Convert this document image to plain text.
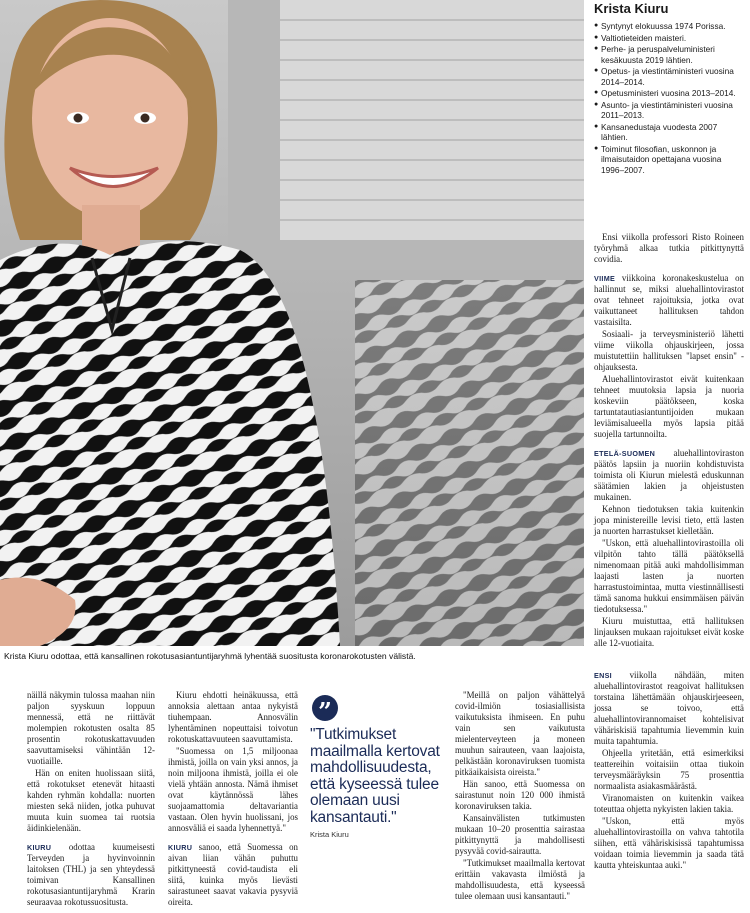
Krista Kiuru odottaa, että kansallinen rokotusasiantuntijaryhmä lyhentää suositusta koronarokotusten välistä.
Krista Kiuru
● Syntynyt elokuussa 1974 Porissa.
● Valtiotieteiden maisteri.
● Perhe- ja peruspalveluministeri kesäkuusta 2019 lähtien.
● Opetus- ja viestintäministeri vuosina 2014–2014.
● Opetusministeri vuosina 2013–2014.
● Asunto- ja viestintäministeri vuosina 2011–2013.
● Kansanedustaja vuodesta 2007 lähtien.
● Toiminut filosofian, uskonnon ja ilmaisutaidon opettajana vuosina 1996–2007.

Ensi viikolla professori Risto Roineen työryhmä alkaa tutkia pitkittynyttä covidia.

VIIME viikkoina koronakeskustelua on hallinnut se, miksi aluehallintovirastot ovat tehneet rajoituksia, jotka ovat vaikuttaneet hallituksen tahdon vastaisilta.

Sosiaali- ja terveysministeriö lähetti viime viikolla ohjauskirjeen, jossa muistutettiin hallituksen "lapset ensin" -ohjauksesta.

Aluehallintovirastot eivät kuitenkaan tehneet muutoksia lapsia ja nuoria koskeviin päätökseen, koska tartuntatautiasiantuntijoiden mukaan leviämisalueella myös lapsia pitää suojella tartunnoilta.

ETELÄ-SUOMEN aluehallintoviraston päätös lapsiin ja nuoriin kohdistuvista toimista oli Kiurun mielestä eduskunnan säätämien lakien ja ohjeistusten mukainen.

Kehnon tiedotuksen takia kuitenkin jopa ministereille levisi tieto, että lasten ja nuorten harrastukset kielletään.

"Uskon, että aluehallintovirastoilla oli vilpitön tahto tällä päätöksellä nimenomaan pitää auki mahdollisimman laajasti lasten ja nuorten harrastustoimintaa, mutta viestinnällisesti tämä sanoma hukkui ensimmäisen päivän tiedotuksessa."

Kiuru muistuttaa, että hallituksen linjauksen mukaan rajoitukset eivät koske alle 12-vuotiaita.

näillä näkymin tulossa maahan niin paljon syyskuun loppuun mennessä, että ne riittävät molempien rokotusten osalta 85 prosentin rokotuskattavuuden saavuttamiseksi vähintään 12-vuotiaille.

Hän on eniten huolissaan siitä, että rokotukset etenevät hitaasti kahden ryhmän kohdalla: nuorten miesten sekä niiden, jotka puhuvat muuta kuin suomea tai ruotsia äidinkielenään.

KIURU odottaa kuumeisesti Terveyden ja hyvinvoinnin laitoksen (THL) ja sen yhteydessä toimivan Kansallinen rokotusasiantuntijaryhmä Krarin seuraavaa rokotussuositusta.

Kiuru ehdotti heinäkuussa, että annoksia alettaan antaa nykyistä tiuhempaan. Annosvälin lyhentäminen nopeuttaisi toivotun rokotuskattavuuteen saavuttamista.

"Suomessa on 1,5 miljoonaa ihmistä, joilla on vain yksi annos, ja noin miljoona ihmistä, joilla ei ole vielä yhtään annosta. Nämä ihmiset ovat käytännössä lähes suojaamattomia deltavariantia vastaan. Olen hyvin huolissani, jos annosväliä ei saada lyhennettyä."

KIURU sanoo, että Suomessa on aivan liian vähän puhuttu pitkittyneestä covid-taudista eli siitä, kuinka myös lievästi sairastuneet saavat vakavia pysyviä oireita.

”

"Tutkimukset maailmalla kertovat mahdollisuudesta, että kyseessä tulee olemaan uusi kansantauti."

Krista Kiuru

"Meillä on paljon vähättelyä covid-ilmiön tosiasiallisista vaikutuksista ihmiseen. En puhu vain sen vaikutusta mielenterveyteen ja moneen muuhun sairauteen, vaan laajoista, pelkästään koronaviruksen tuomista pitkäaikaisista oireista."

Hän sanoo, että Suomessa on sairastunut noin 120 000 ihmistä koronaviruksen takia.

Kansainvälisten tutkimusten mukaan 10–20 prosenttia sairastaa pitkittynyttä ja mahdollisesti pysyvää covid-sairautta.

"Tutkimukset maailmalla kertovat erittäin vakavasta ilmiöstä ja mahdollisuudesta, että kyseessä tulee olemaan uusi kansantauti."

ENSI viikolla nähdään, miten aluehallintovirastot reagoivat hallituksen torstaina lähettämään ohjauskirjeeseen, jossa se toivoo, että aluehallintovirannomaiset kohtelisivat vähäriskisiä tapahtumia lievemmin kuin muita tapahtumia.

Ohjeella yritetään, että esimerkiksi teattereihin voitaisiin ottaa tiukoin terveysmääräyksin 75 prosenttia normaalista asiakasmäärästä.

Viranomaisten on kuitenkin vaikea toteuttaa ohjetta nykyisten lakien takia.

"Uskon, että myös aluehallintovirastoilla on vahva tahtotila siihen, että vähäriskisissä tapahtumissa voidaan toimia lievemmin ja saada tätä kautta yhteiskuntaa auki."
